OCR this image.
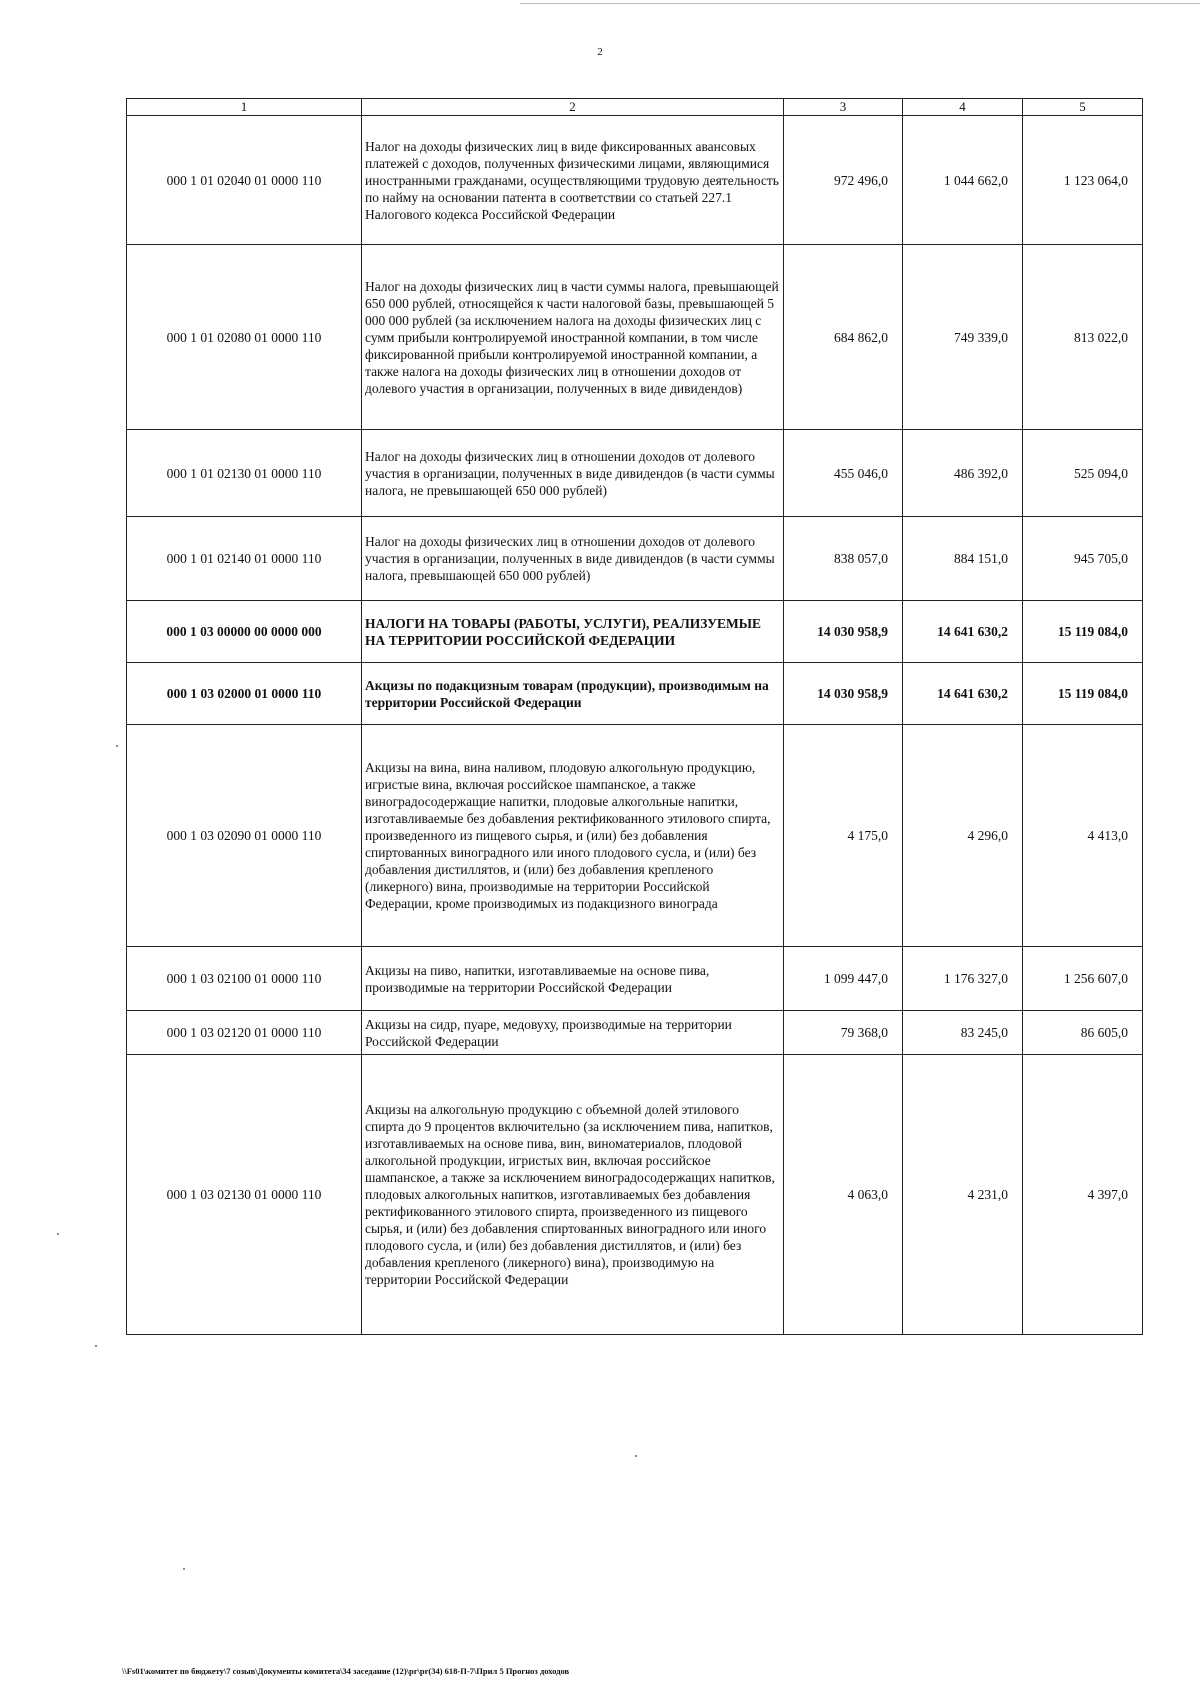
2
1	2	3	4	5
000 1 01 02040 01 0000 110	Налог на доходы физических лиц в виде фиксированных авансовых платежей с доходов, полученных физическими лицами, являющимися иностранными гражданами, осуществляющими трудовую деятельность по найму на основании патента в соответствии со статьей 227.1 Налогового кодекса Российской Федерации	972 496,0	1 044 662,0	1 123 064,0
000 1 01 02080 01 0000 110	Налог на доходы физических лиц в части суммы налога, превышающей 650 000 рублей, относящейся к части налоговой базы, превышающей 5 000 000 рублей (за исключением налога на доходы физических лиц с сумм прибыли контролируемой иностранной компании, в том числе фиксированной прибыли контролируемой иностранной компании, а также налога на доходы физических лиц в отношении доходов от долевого участия в организации, полученных в виде дивидендов)	684 862,0	749 339,0	813 022,0
000 1 01 02130 01 0000 110	Налог на доходы физических лиц в отношении доходов от долевого участия в организации, полученных в виде дивидендов (в части суммы налога, не превышающей 650 000 рублей)	455 046,0	486 392,0	525 094,0
000 1 01 02140 01 0000 110	Налог на доходы физических лиц в отношении доходов от долевого участия в организации, полученных в виде дивидендов (в части суммы налога, превышающей 650 000 рублей)	838 057,0	884 151,0	945 705,0
000 1 03 00000 00 0000 000	НАЛОГИ НА ТОВАРЫ (РАБОТЫ, УСЛУГИ), РЕАЛИЗУЕМЫЕ НА ТЕРРИТОРИИ РОССИЙСКОЙ ФЕДЕРАЦИИ	14 030 958,9	14 641 630,2	15 119 084,0
000 1 03 02000 01 0000 110	Акцизы по подакцизным товарам (продукции), производимым на территории Российской Федерации	14 030 958,9	14 641 630,2	15 119 084,0
000 1 03 02090 01 0000 110	Акцизы на вина, вина наливом, плодовую алкогольную продукцию, игристые вина, включая российское шампанское, а также виноградосодержащие напитки, плодовые алкогольные напитки, изготавливаемые без добавления ректификованного этилового спирта, произведенного из пищевого сырья, и (или) без добавления спиртованных виноградного или иного плодового сусла, и (или) без добавления дистиллятов, и (или) без добавления крепленого (ликерного) вина, производимые на территории Российской Федерации, кроме производимых из подакцизного винограда	4 175,0	4 296,0	4 413,0
000 1 03 02100 01 0000 110	Акцизы на пиво, напитки, изготавливаемые на основе пива, производимые на территории Российской Федерации	1 099 447,0	1 176 327,0	1 256 607,0
000 1 03 02120 01 0000 110	Акцизы на сидр, пуаре, медовуху, производимые на территории Российской Федерации	79 368,0	83 245,0	86 605,0
000 1 03 02130 01 0000 110	Акцизы на алкогольную продукцию с объемной долей этилового спирта до 9 процентов включительно (за исключением пива, напитков, изготавливаемых на основе пива, вин, виноматериалов, плодовой алкогольной продукции, игристых вин, включая российское шампанское, а также за исключением виноградосодержащих напитков, плодовых алкогольных напитков, изготавливаемых без добавления ректификованного этилового спирта, произведенного из пищевого сырья, и (или) без добавления спиртованных виноградного или иного плодового сусла, и (или) без добавления дистиллятов, и (или) без добавления крепленого (ликерного) вина), производимую на территории Российской Федерации	4 063,0	4 231,0	4 397,0
\\Fs01\комитет по бюджету\7 созыв\Документы комитета\34 заседание (12)\pr\pr(34) 618-П-7\Прил 5 Прогноз доходов
